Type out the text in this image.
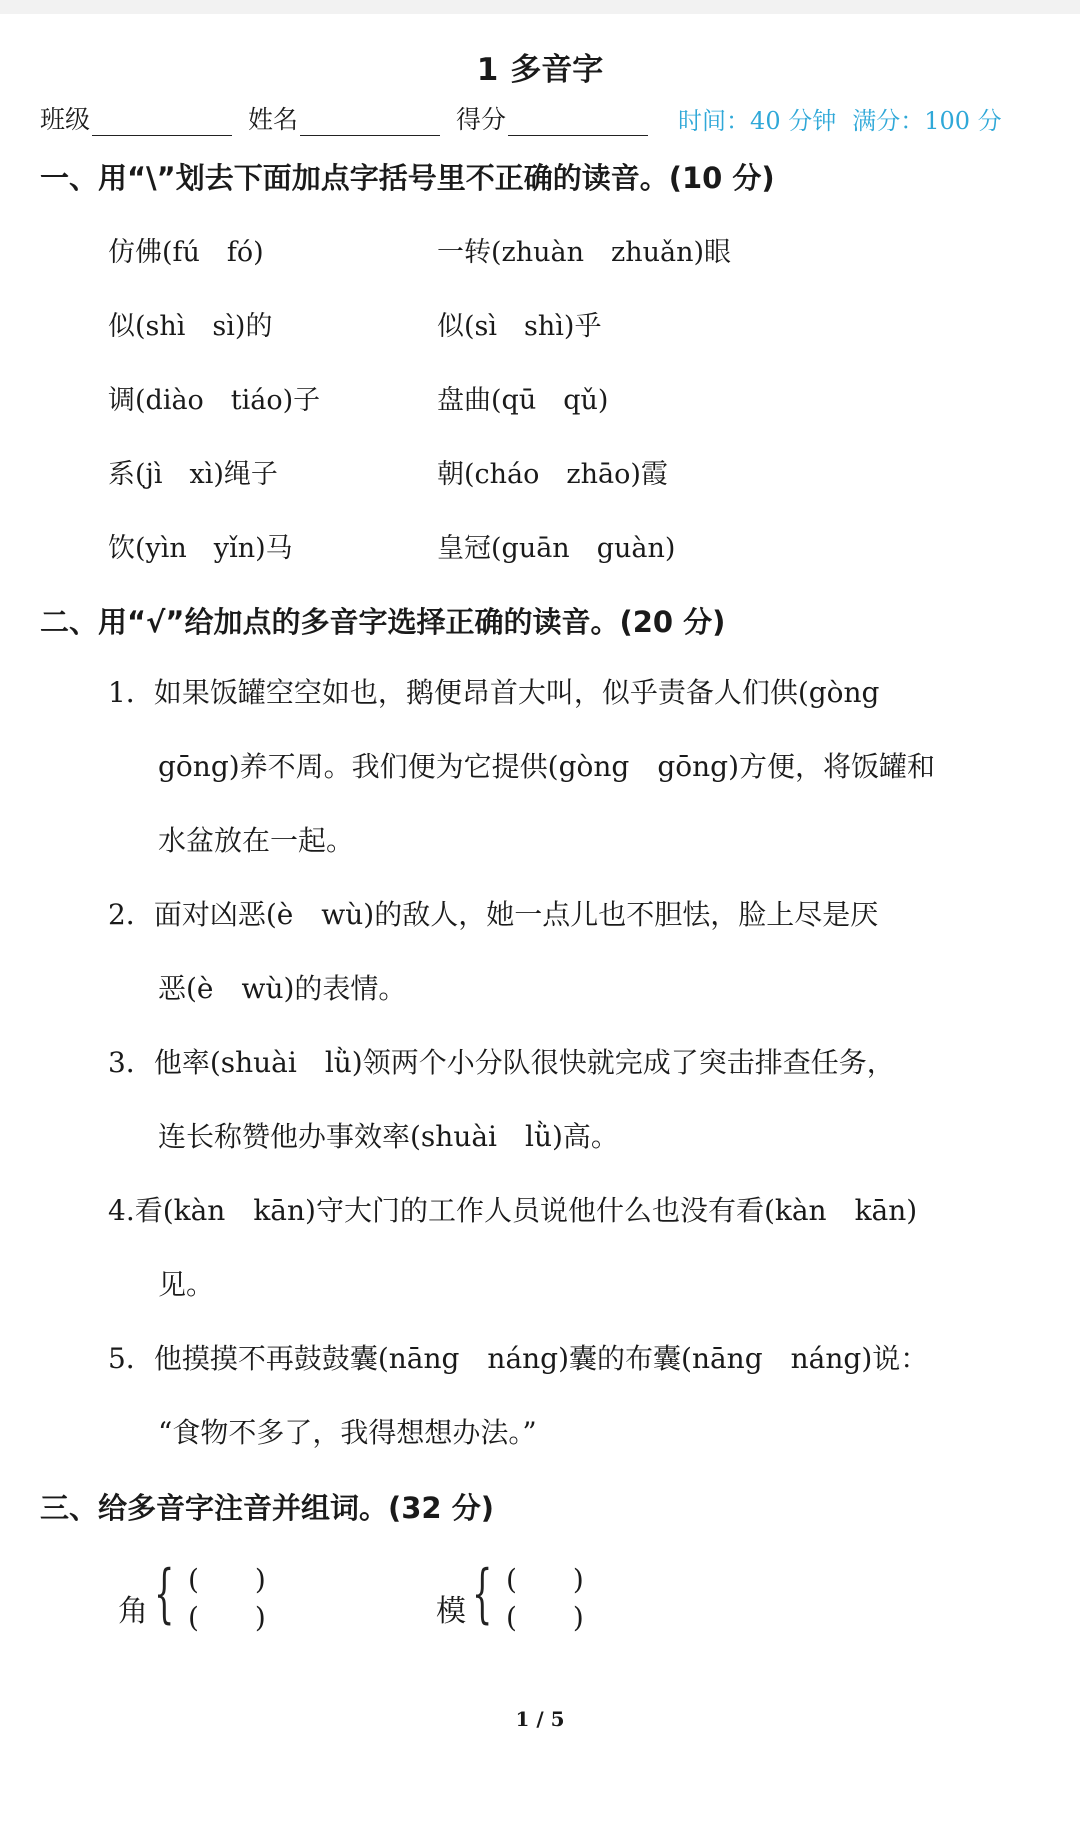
1 多音字
班级	姓名	得分	时间：40 分钟 满分：100 分
一、用“\”划去下面加点字括号里不正确的读音。(10 分)
仿佛(fú　fó)	一转(zhuàn　zhuǎn)眼
似(shì　sì)的	似(sì　shì)乎
调(diào　tiáo)子	盘曲(qū　qǔ)
系(jì　xì)绳子	朝(cháo　zhāo)霞
饮(yìn　yǐn)马	皇冠(guān　guàn)
二、用“√”给加点的多音字选择正确的读音。(20 分)
1．如果饭罐空空如也，鹅便昂首大叫，似乎责备人们供(gòng
gōng)养不周。我们便为它提供(gòng　gōng)方便，将饭罐和
水盆放在一起。
2．面对凶恶(è　wù)的敌人，她一点儿也不胆怯，脸上尽是厌
恶(è　wù)的表情。
3．他率(shuài　lǜ)领两个小分队很快就完成了突击排查任务，
连长称赞他办事效率(shuài　lǜ)高。
4.看(kàn　kān)守大门的工作人员说他什么也没有看(kàn　kān)
见。
5．他摸摸不再鼓鼓囊(nāng　náng)囊的布囊(nāng　náng)说：
“食物不多了，我得想想办法。”
三、给多音字注音并组词。(32 分)
角 { (　　)
(　　)	模 { (　　)
(　　)
1 / 5
